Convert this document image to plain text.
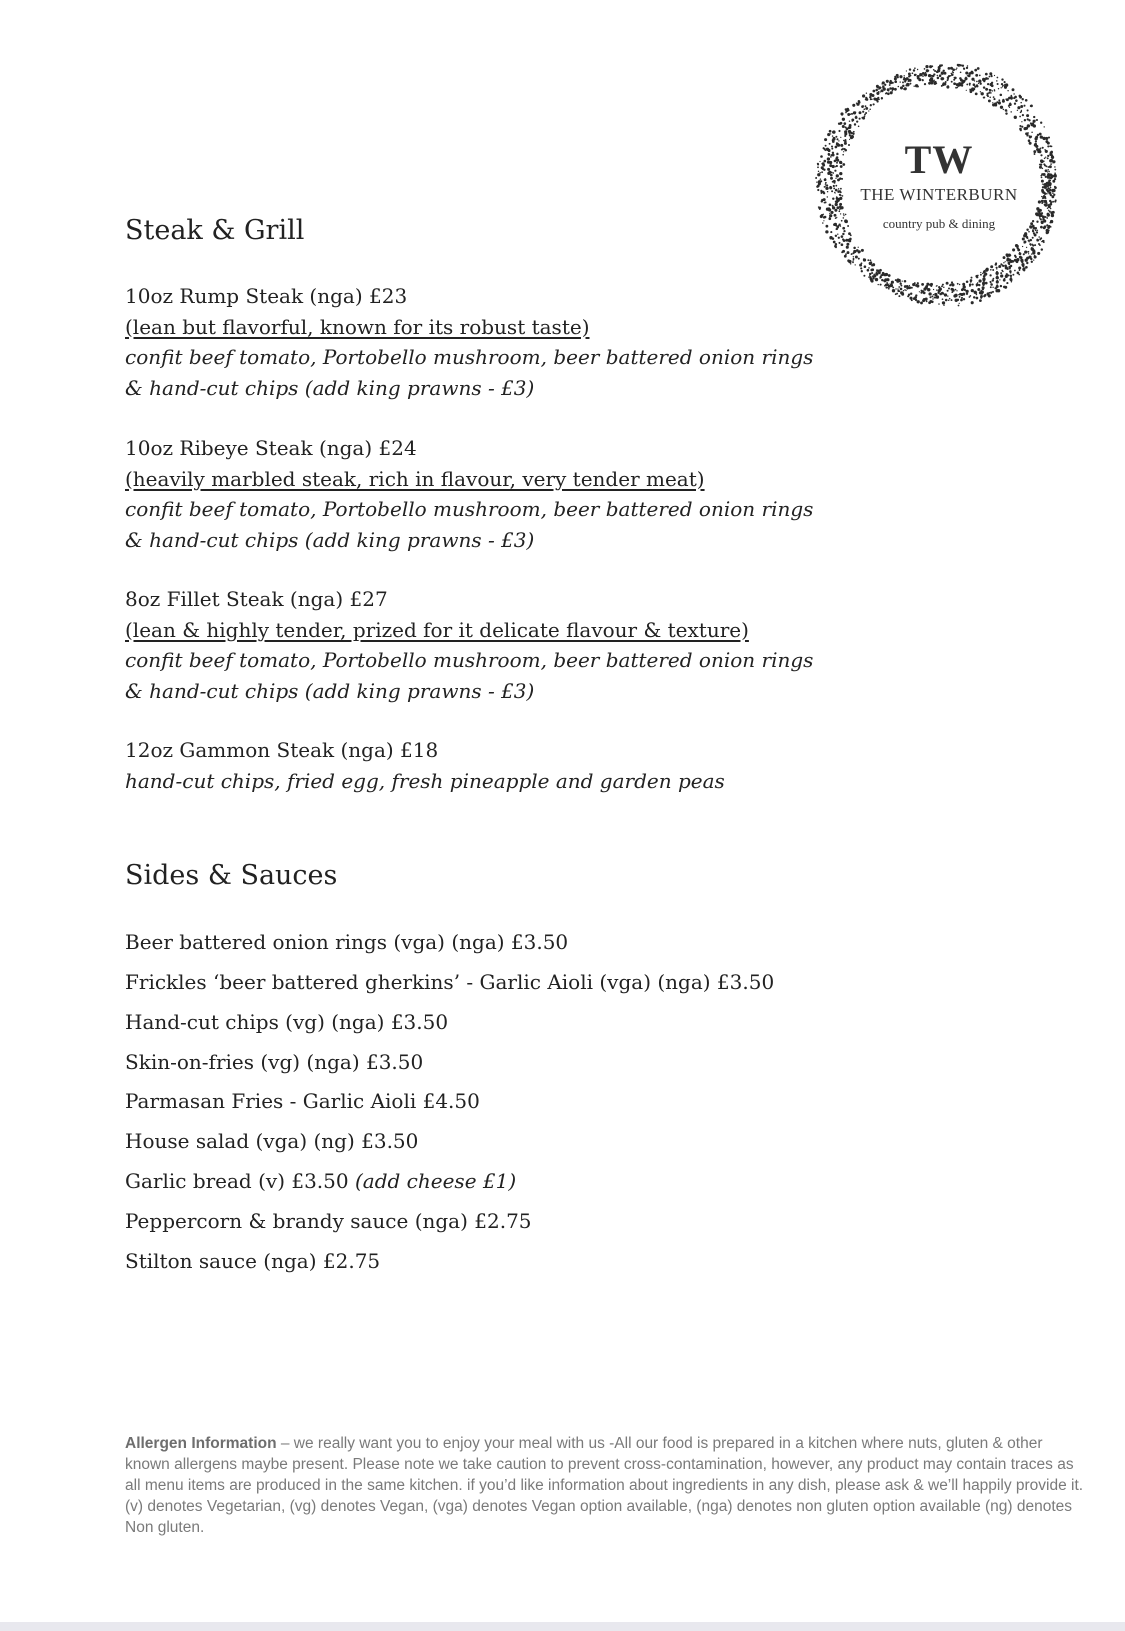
TW
THE WINTERBURN
country pub & dining
Steak & Grill
10oz Rump Steak (nga) £23
(lean but flavorful, known for its robust taste)
confit beef tomato, Portobello mushroom, beer battered onion rings
& hand-cut chips (add king prawns - £3)
10oz Ribeye Steak (nga) £24
(heavily marbled steak, rich in flavour, very tender meat)
confit beef tomato, Portobello mushroom, beer battered onion rings
& hand-cut chips (add king prawns - £3)
8oz Fillet Steak (nga) £27
(lean & highly tender, prized for it delicate flavour & texture)
confit beef tomato, Portobello mushroom, beer battered onion rings
& hand-cut chips (add king prawns - £3)
12oz Gammon Steak (nga) £18
hand-cut chips, fried egg, fresh pineapple and garden peas
Sides & Sauces
Beer battered onion rings (vga) (nga) £3.50
Frickles ‘beer battered gherkins’ - Garlic Aioli (vga) (nga) £3.50
Hand-cut chips (vg) (nga) £3.50
Skin-on-fries (vg) (nga) £3.50
Parmasan Fries - Garlic Aioli £4.50
House salad (vga) (ng) £3.50
Garlic bread (v) £3.50 (add cheese £1)
Peppercorn & brandy sauce (nga) £2.75
Stilton sauce (nga) £2.75
Allergen Information – we really want you to enjoy your meal with us -All our food is prepared in a kitchen where nuts, gluten & other known allergens maybe present. Please note we take caution to prevent cross-contamination, however, any product may contain traces as all menu items are produced in the same kitchen. if you’d like information about ingredients in any dish, please ask & we’ll happily provide it.
(v) denotes Vegetarian, (vg) denotes Vegan, (vga) denotes Vegan option available, (nga) denotes non gluten option available (ng) denotes Non gluten.
